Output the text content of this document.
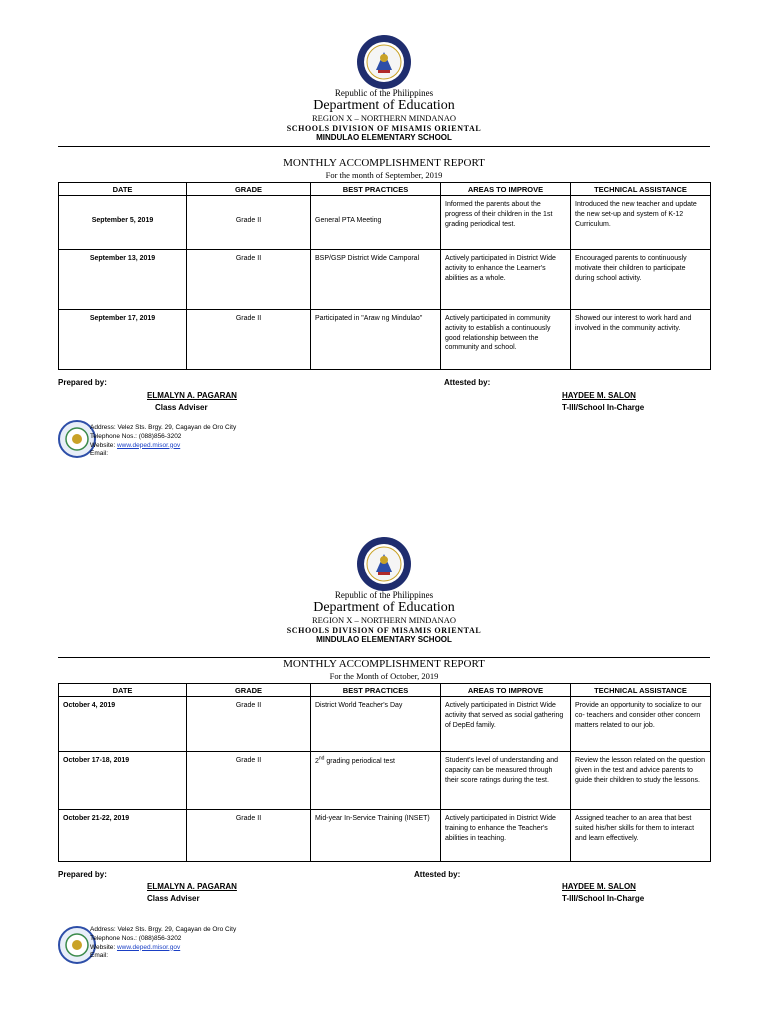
Republic of the Philippines
Department of Education
REGION X – NORTHERN MINDANAO
SCHOOLS DIVISION OF MISAMIS ORIENTAL
MINDULAO ELEMENTARY SCHOOL
MONTHLY ACCOMPLISHMENT REPORT
For the month of September, 2019
DATE	GRADE	BEST PRACTICES	AREAS TO IMPROVE	TECHNICAL ASSISTANCE
September 5, 2019	Grade II	General PTA Meeting	Informed the parents about the progress of their children in the 1st grading periodical test.	Introduced the new teacher and update the new set-up and system of K-12 Curriculum.
September 13, 2019	Grade II	BSP/GSP District Wide Camporal	Actively participated in District Wide activity to enhance the Learner's abilities as a whole.	Encouraged parents to continuously motivate their children to participate during school activity.
September 17, 2019	Grade II	Participated in "Araw ng Mindulao"	Actively participated in community activity to establish a continuously good relationship between the community and school.	Showed our interest to work hard and involved in the community activity.
Prepared by:
ELMALYN A. PAGARAN
Class Adviser
Attested by:
HAYDEE M. SALON
T-III/School In-Charge
Address: Velez Sts. Brgy. 29, Cagayan de Oro City
Telephone Nos.: (088)856-3202
Website: www.deped.misor.gov
Email:
Republic of the Philippines
Department of Education
REGION X – NORTHERN MINDANAO
SCHOOLS DIVISION OF MISAMIS ORIENTAL
MINDULAO ELEMENTARY SCHOOL
MONTHLY ACCOMPLISHMENT REPORT
For the Month of October, 2019
DATE	GRADE	BEST PRACTICES	AREAS TO IMPROVE	TECHNICAL ASSISTANCE
October 4, 2019	Grade II	District World Teacher's Day	Actively participated in District Wide activity that served as social gathering of DepEd family.	Provide an opportunity to socialize to our co- teachers and consider other concern matters related to our job.
October 17-18, 2019	Grade II	2nd grading periodical test	Student's level of understanding and capacity can be measured through their score ratings during the test.	Review the lesson related on the question given in the test and advice parents to guide their children to study the lessons.
October 21-22, 2019	Grade II	Mid-year In-Service Training (INSET)	Actively participated in District Wide training to enhance the Teacher's abilities in teaching.	Assigned teacher to an area that best suited his/her skills for them to interact and learn effectively.
Prepared by:
ELMALYN A. PAGARAN
Class Adviser
Attested by:
HAYDEE M. SALON
T-III/School In-Charge
Address: Velez Sts. Brgy. 29, Cagayan de Oro City
Telephone Nos.: (088)856-3202
Website: www.deped.misor.gov
Email:
